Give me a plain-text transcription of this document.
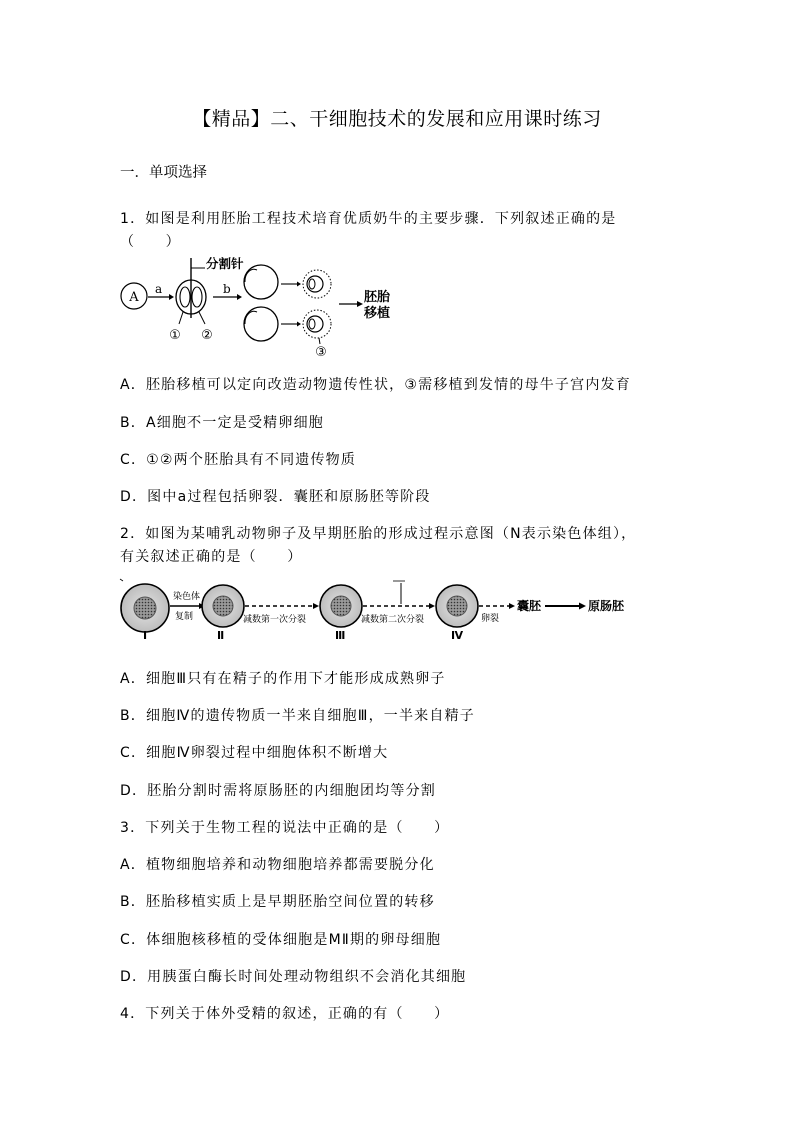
【精品】二、干细胞技术的发展和应用课时练习
一．单项选择
1．如图是利用胚胎工程技术培育优质奶牛的主要步骤．下列叙述正确的是
（　　）
A
a
分割针
① ②
b
③
胚胎
移植
A．胚胎移植可以定向改造动物遗传性状，③需移植到发情的母牛子宫内发育
B．A细胞不一定是受精卵细胞
C．①②两个胚胎具有不同遗传物质
D．图中a过程包括卵裂．囊胚和原肠胚等阶段
2．如图为某哺乳动物卵子及早期胚胎的形成过程示意图（N表示染色体组），
有关叙述正确的是（　　）
Ⅰ
染色体
复制
Ⅱ
减数第一次分裂
Ⅲ
减数第二次分裂
Ⅳ
卵裂
囊胚	原肠胚
A．细胞Ⅲ只有在精子的作用下才能形成成熟卵子
B．细胞Ⅳ的遗传物质一半来自细胞Ⅲ，一半来自精子
C．细胞Ⅳ卵裂过程中细胞体积不断增大
D．胚胎分割时需将原肠胚的内细胞团均等分割
3．下列关于生物工程的说法中正确的是（　　）
A．植物细胞培养和动物细胞培养都需要脱分化
B．胚胎移植实质上是早期胚胎空间位置的转移
C．体细胞核移植的受体细胞是MⅡ期的卵母细胞
D．用胰蛋白酶长时间处理动物组织不会消化其细胞
4．下列关于体外受精的叙述，正确的有（　　）
